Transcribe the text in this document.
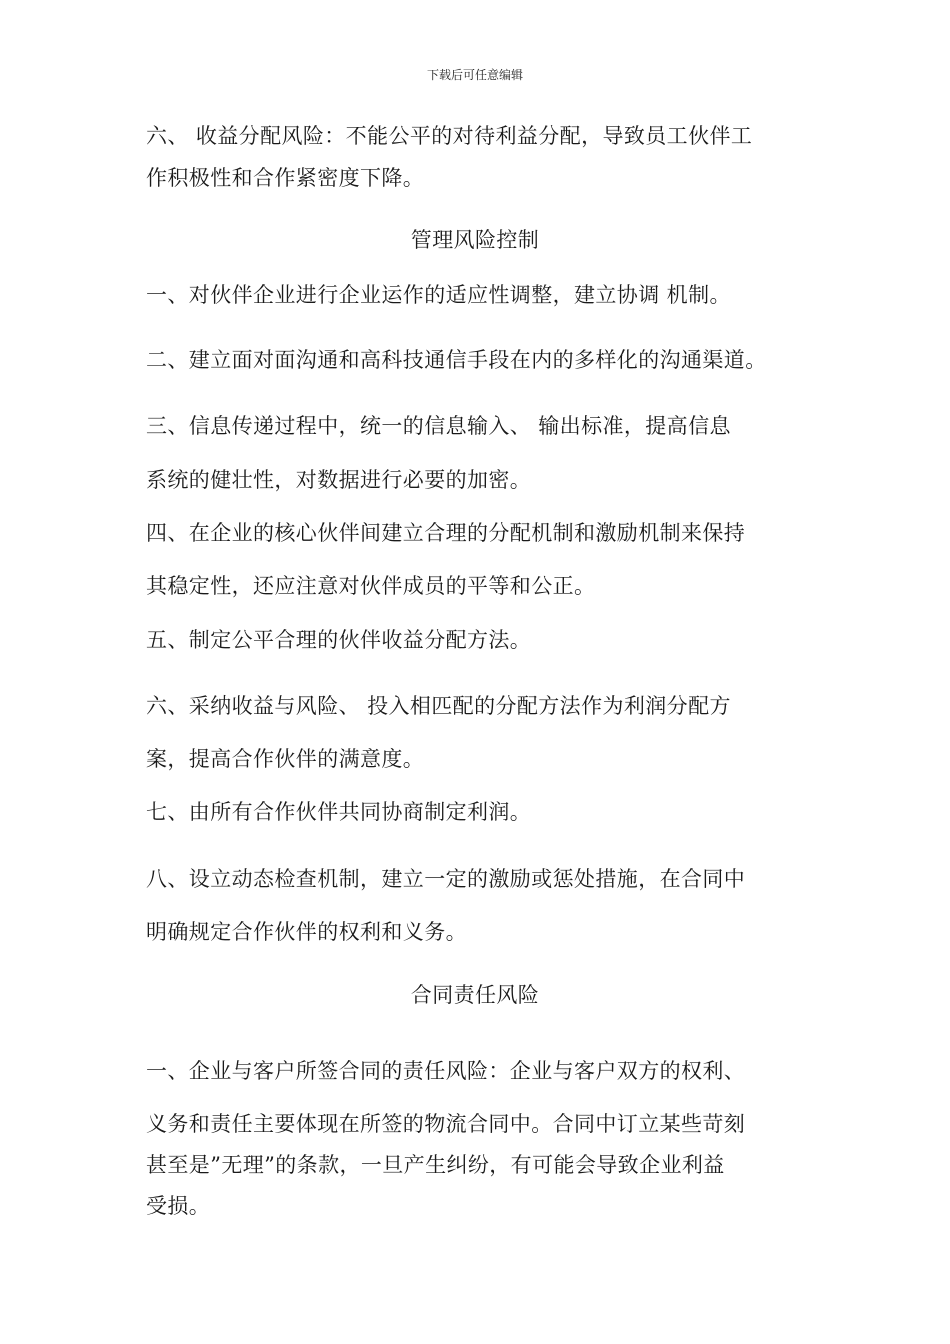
下载后可任意编辑
六、 收益分配风险：不能公平的对待利益分配，导致员工伙伴工
作积极性和合作紧密度下降。
管理风险控制
一、对伙伴企业进行企业运作的适应性调整，建立协调 机制。
二、建立面对面沟通和高科技通信手段在内的多样化的沟通渠道。
三、信息传递过程中，统一的信息输入、 输出标准，提高信息
系统的健壮性，对数据进行必要的加密。
四、在企业的核心伙伴间建立合理的分配机制和激励机制来保持
其稳定性，还应注意对伙伴成员的平等和公正。
五、制定公平合理的伙伴收益分配方法。
六、采纳收益与风险、 投入相匹配的分配方法作为利润分配方
案，提高合作伙伴的满意度。
七、由所有合作伙伴共同协商制定利润。
八、设立动态检查机制，建立一定的激励或惩处措施，在合同中
明确规定合作伙伴的权利和义务。
合同责任风险
一、企业与客户所签合同的责任风险：企业与客户双方的权利、
义务和责任主要体现在所签的物流合同中。合同中订立某些苛刻
甚至是”无理”的条款，一旦产生纠纷，有可能会导致企业利益
受损。
